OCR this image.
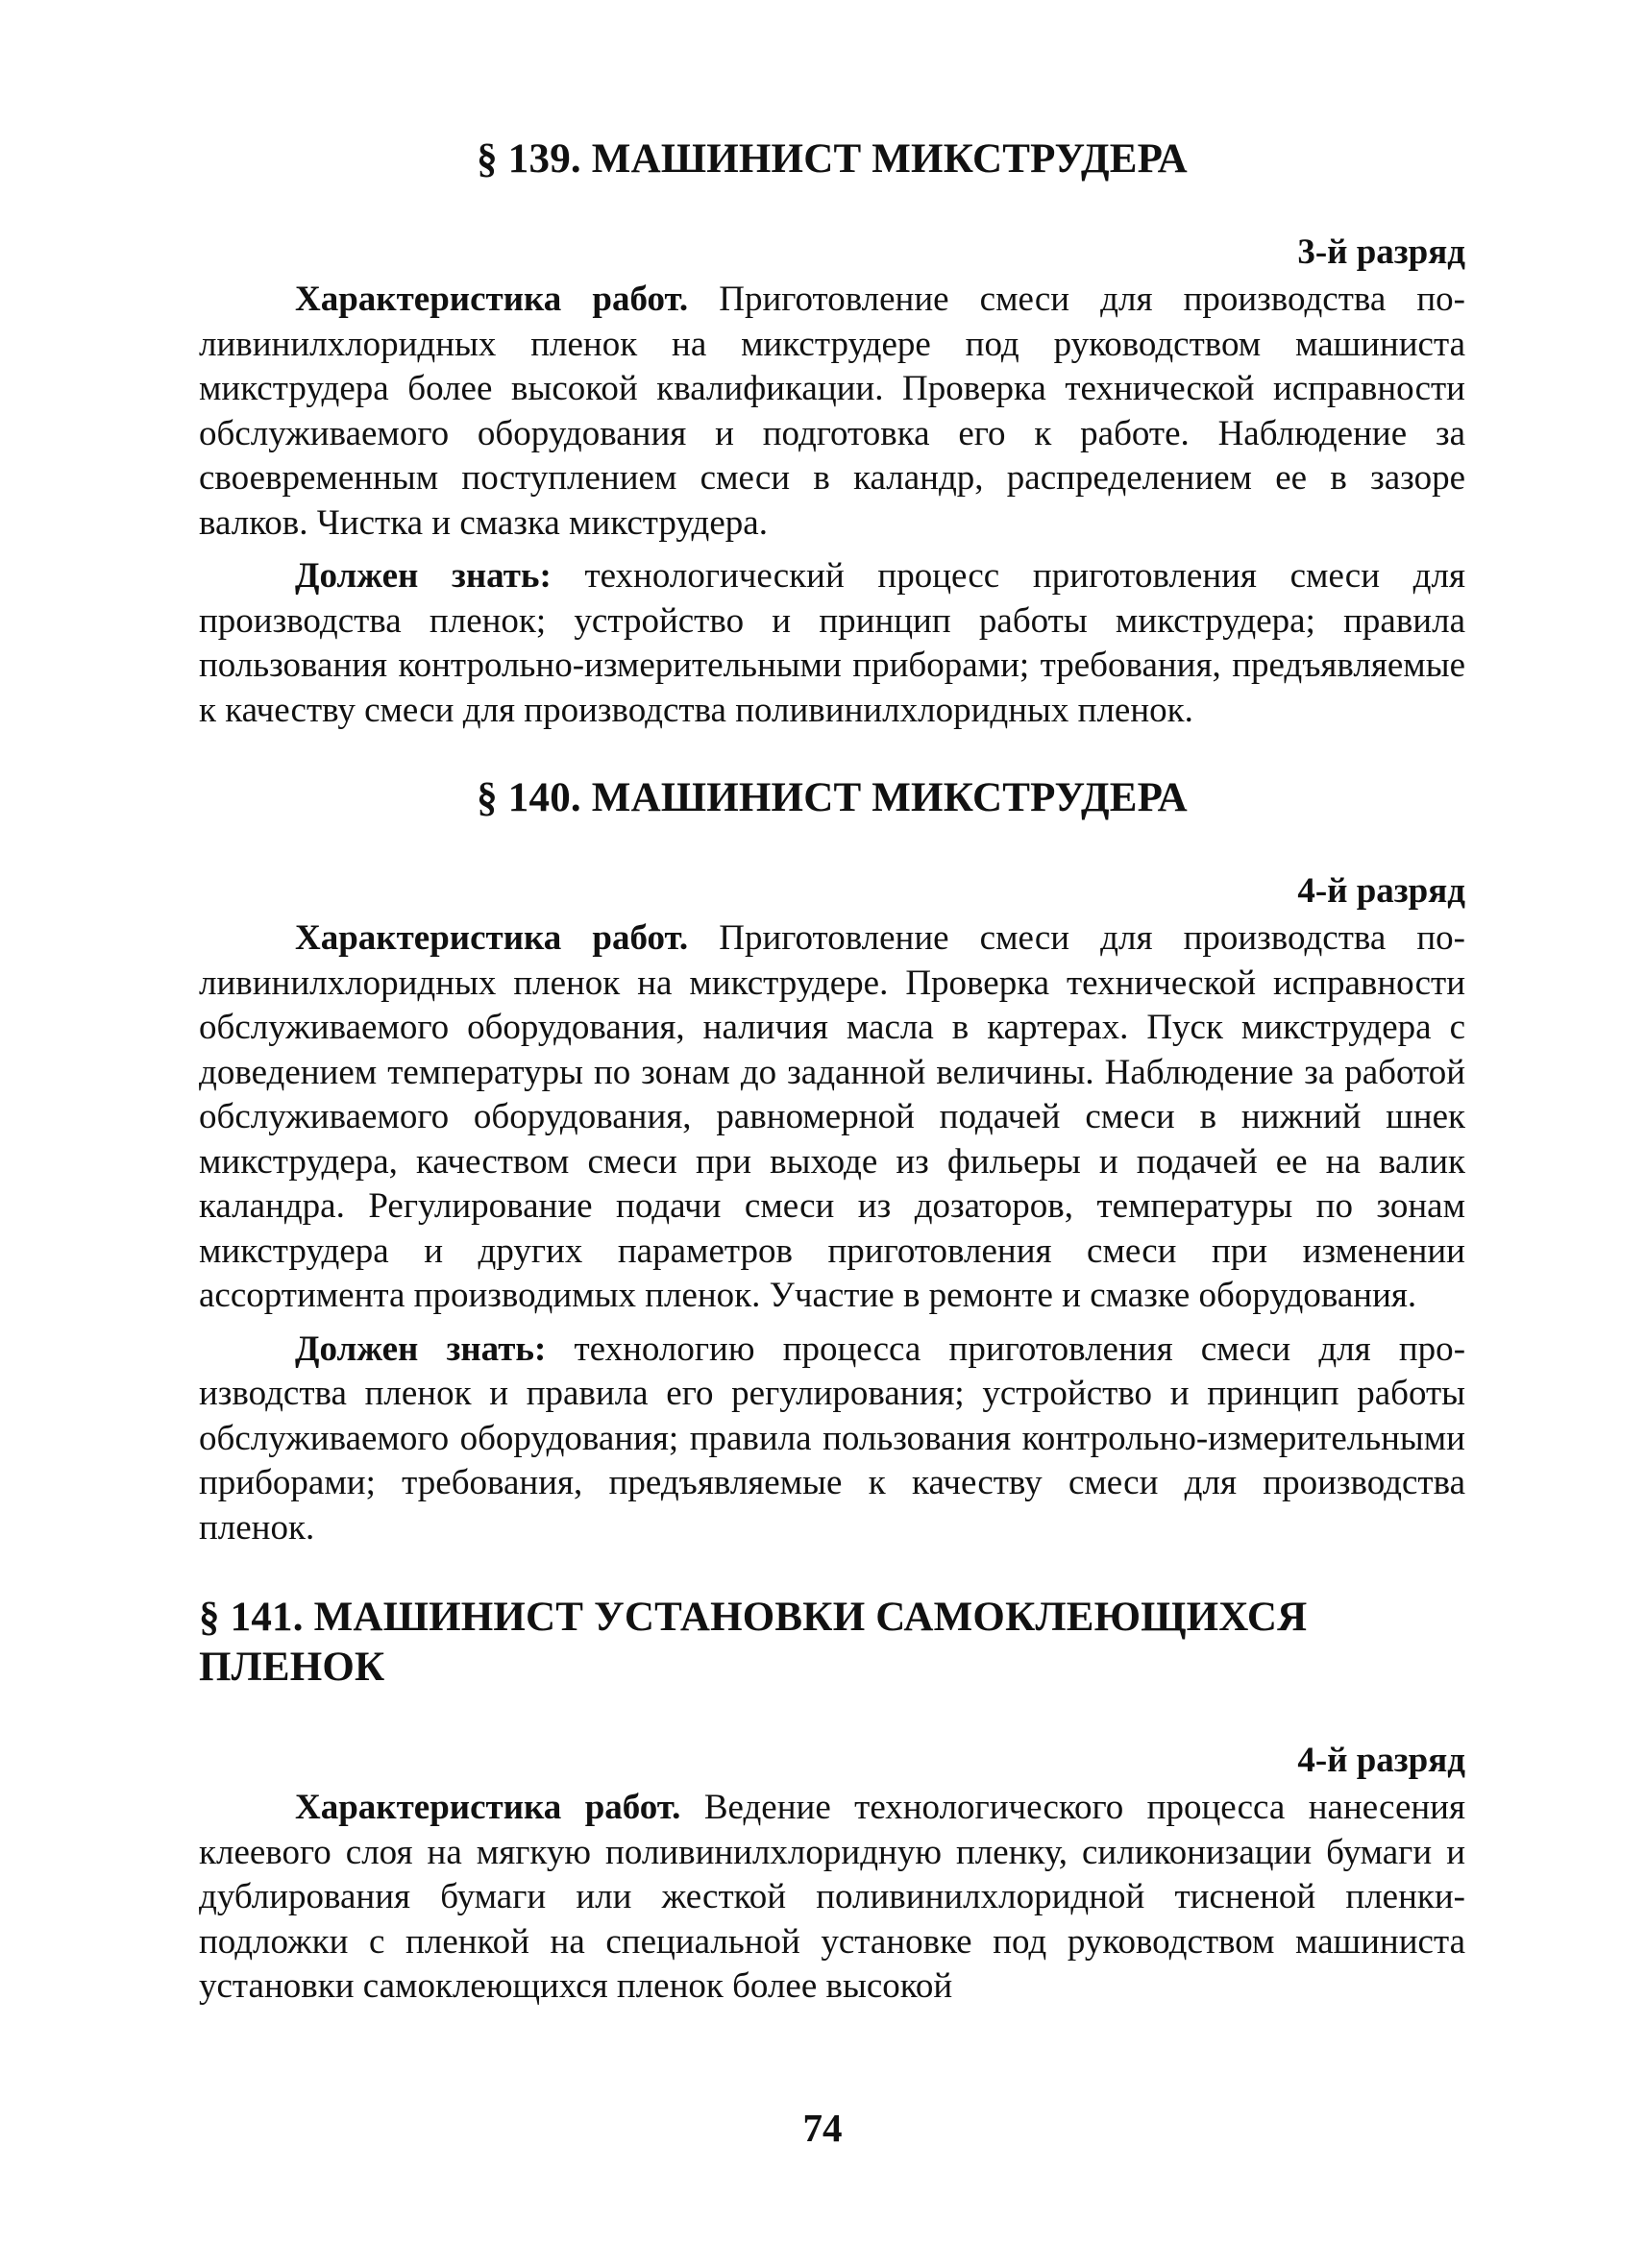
§ 139. МАШИНИСТ МИКСТРУДЕРА
3-й разряд

Характеристика работ. Приготовление смеси для производства поливинилхлоридных пленок на микструдере под руководством машиниста микструдера более высокой квалификации. Проверка технической исправности обслуживаемого оборудования и подготовка его к работе. Наблюдение за своевременным поступлением смеси в каландр, распределением ее в зазоре валков. Чистка и смазка микструдера.

Должен знать: технологический процесс приготовления смеси для производства пленок; устройство и принцип работы микструдера; правила пользования контрольно-измерительными приборами; требования, предъявляемые к качеству смеси для производства поливинилхлоридных пленок.

§ 140. МАШИНИСТ МИКСТРУДЕРА
4-й разряд

Характеристика работ. Приготовление смеси для производства поливинилхлоридных пленок на микструдере. Проверка технической исправности обслуживаемого оборудования, наличия масла в картерах. Пуск микструдера с доведением температуры по зонам до заданной величины. Наблюдение за работой обслуживаемого оборудования, равномерной подачей смеси в нижний шнек микструдера, качеством смеси при выходе из фильеры и подачей ее на валик каландра. Регулирование подачи смеси из дозаторов, температуры по зонам микструдера и других параметров приготовления смеси при изменении ассортимента производимых пленок. Участие в ремонте и смазке оборудования.

Должен знать: технологию процесса приготовления смеси для производства пленок и правила его регулирования; устройство и принцип работы обслуживаемого оборудования; правила пользования контрольно-измерительными приборами; требования, предъявляемые к качеству смеси для производства пленок.

§ 141. МАШИНИСТ УСТАНОВКИ САМОКЛЕЮЩИХСЯ ПЛЕНОК
4-й разряд

Характеристика работ. Ведение технологического процесса нанесения клеевого слоя на мягкую поливинилхлоридную пленку, силиконизации бумаги и дублирования бумаги или жесткой поливинилхлоридной тисненой пленки-подложки с пленкой на специальной установке под руководством машиниста установки самоклеющихся пленок более высокой

74
